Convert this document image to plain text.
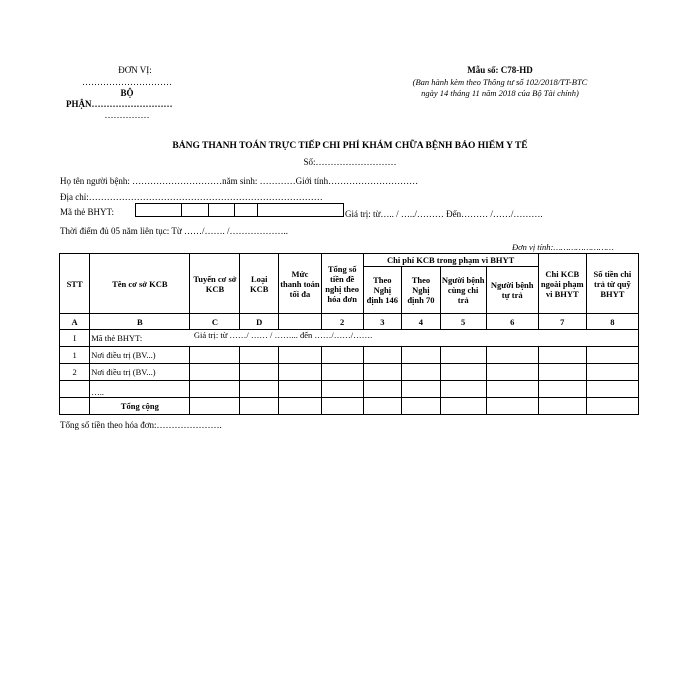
ĐƠN VỊ:
…………………………
BỘ
PHẬN………………………
……………
Mẫu số: C78-HD
(Ban hành kèm theo Thông tư số 102/2018/TT-BTC
ngày 14 tháng 11 năm 2018 của Bộ Tài chính)
BẢNG THANH TOÁN TRỰC TIẾP CHI PHÍ KHÁM CHỮA BỆNH BẢO HIỂM Y TẾ
Số:………………………
Họ tên người bệnh: …………………………năm sinh: …………Giới tính…………………………
Địa chỉ:……………………………………………………………………
Mã thẻ BHYT:	Giá trị: từ….. / …../……… Đến……… /……/……….
Thời điểm đủ 05 năm liên tục: Từ ……/……. /………………..
Đơn vị tính:……………………
STT	Tên cơ sở KCB	Tuyến cơ sở KCB	Loại KCB	Mức thanh toán tối đa	Tổng số tiền đề nghị theo hóa đơn	Chi phí KCB trong phạm vi BHYT				Chi KCB ngoài phạm vi BHYT	Số tiền chi trả từ quỹ BHYT
						Theo Nghị định 146	Theo Nghị định 70	Người bệnh cùng chi trả	Người bệnh tự trả		
A	B	C	D		2	3	4	5	6	7	8
I	Mã thẻ BHYT:	Giá trị: từ ……/ …… / ……... đến ……/……/…….									

1	Nơi điều trị (BV...)										
2	Nơi điều trị (BV...)										
	…..										
	Tổng cộng										
Tổng số tiền theo hóa đơn:………………….
